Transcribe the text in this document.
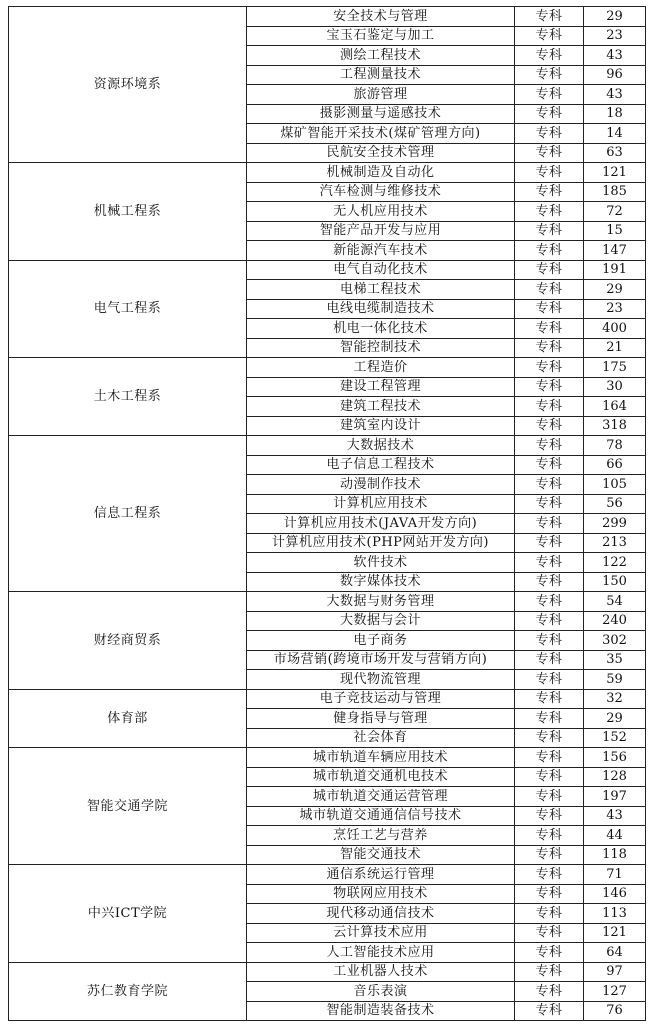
资源环境系	安全技术与管理	专科	29
	宝玉石鉴定与加工	专科	23
	测绘工程技术	专科	43
	工程测量技术	专科	96
	旅游管理	专科	43
	摄影测量与遥感技术	专科	18
	煤矿智能开采技术(煤矿管理方向)	专科	14
	民航安全技术管理	专科	63
机械工程系	机械制造及自动化	专科	121
	汽车检测与维修技术	专科	185
	无人机应用技术	专科	72
	智能产品开发与应用	专科	15
	新能源汽车技术	专科	147
电气工程系	电气自动化技术	专科	191
	电梯工程技术	专科	29
	电线电缆制造技术	专科	23
	机电一体化技术	专科	400
	智能控制技术	专科	21
土木工程系	工程造价	专科	175
	建设工程管理	专科	30
	建筑工程技术	专科	164
	建筑室内设计	专科	318
信息工程系	大数据技术	专科	78
	电子信息工程技术	专科	66
	动漫制作技术	专科	105
	计算机应用技术	专科	56
	计算机应用技术(JAVA开发方向)	专科	299
	计算机应用技术(PHP网站开发方向)	专科	213
	软件技术	专科	122
	数字媒体技术	专科	150
财经商贸系	大数据与财务管理	专科	54
	大数据与会计	专科	240
	电子商务	专科	302
	市场营销(跨境市场开发与营销方向)	专科	35
	现代物流管理	专科	59
体育部	电子竞技运动与管理	专科	32
	健身指导与管理	专科	29
	社会体育	专科	152
智能交通学院	城市轨道车辆应用技术	专科	156
	城市轨道交通机电技术	专科	128
	城市轨道交通运营管理	专科	197
	城市轨道交通通信信号技术	专科	43
	烹饪工艺与营养	专科	44
	智能交通技术	专科	118
中兴ICT学院	通信系统运行管理	专科	71
	物联网应用技术	专科	146
	现代移动通信技术	专科	113
	云计算技术应用	专科	121
	人工智能技术应用	专科	64
苏仁教育学院	工业机器人技术	专科	97
	音乐表演	专科	127
	智能制造装备技术	专科	76
